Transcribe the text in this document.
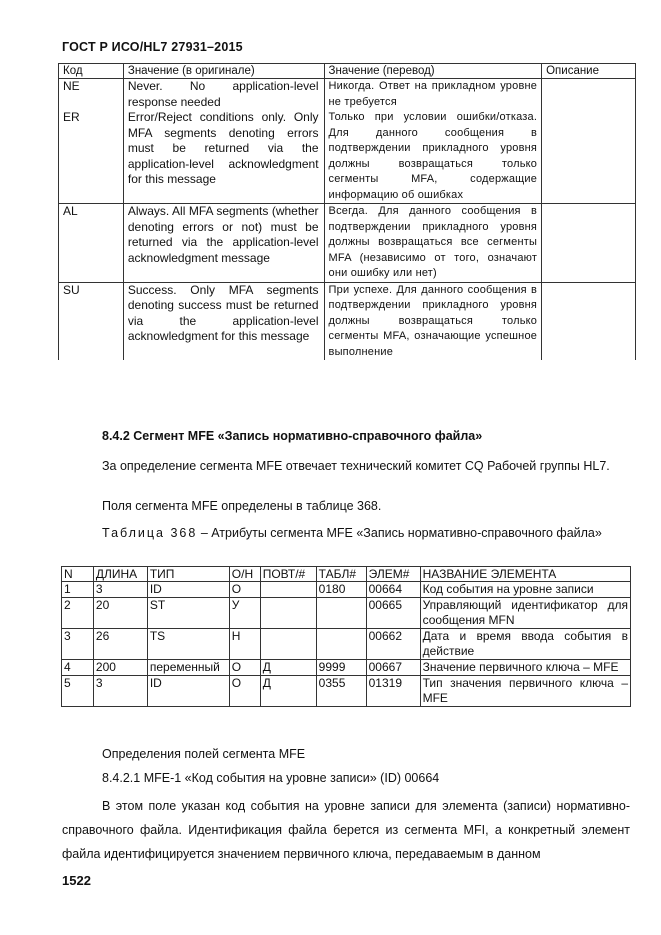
ГОСТ Р ИСО/HL7 27931–2015
Код	Значение (в оригинале)	Значение (перевод)	Описание
NE	Never. No application-level response needed	Никогда. Ответ на прикладном уровне не требуется	
ER	Error/Reject conditions only. Only MFA segments denoting errors must be returned via the application-level acknowledgment for this message	Только при условии ошибки/отказа. Для данного сообщения в подтверждении прикладного уровня должны возвращаться только сегменты MFA, содержащие информацию об ошибках	
AL	Always. All MFA segments (whether denoting errors or not) must be returned via the application-level acknowledgment message	Всегда. Для данного сообщения в подтверждении прикладного уровня должны возвращаться все сегменты MFA (независимо от того, означают они ошибку или нет)	
SU	Success. Only MFA segments denoting success must be returned via the application-level acknowledgment for this message	При успехе. Для данного сообщения в подтверждении прикладного уровня должны возвращаться только сегменты MFA, означающие успешное выполнение	
8.4.2 Сегмент MFE «Запись нормативно-справочного файла»
За определение сегмента MFE отвечает технический комитет CQ Рабочей группы HL7.
Поля сегмента MFE определены в таблице 368.
Таблица 368 – Атрибуты сегмента MFE «Запись нормативно-справочного файла»
N	ДЛИНА	ТИП	О/Н	ПОВТ/#	ТАБЛ#	ЭЛЕМ#	НАЗВАНИЕ ЭЛЕМЕНТА
1	3	ID	О		0180	00664	Код события на уровне записи
2	20	ST	У			00665	Управляющий идентификатор для сообщения MFN
3	26	TS	Н			00662	Дата и время ввода события в действие
4	200	переменный	О	Д	9999	00667	Значение первичного ключа – MFE
5	3	ID	О	Д	0355	01319	Тип значения первичного ключа – MFE
Определения полей сегмента MFE
8.4.2.1 MFE-1 «Код события на уровне записи» (ID) 00664
В этом поле указан код события на уровне записи для элемента (записи) нормативно-справочного файла. Идентификация файла берется из сегмента MFI, а конкретный элемент файла идентифицируется значением первичного ключа, передаваемым в данном
1522
